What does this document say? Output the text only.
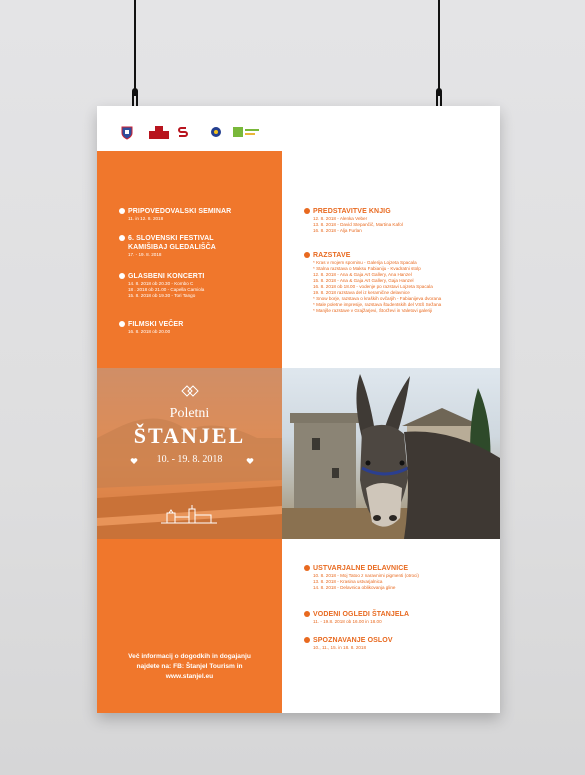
PRIPOVEDOVALSKI SEMINAR
11. in 12. 8. 2018
6. SLOVENSKI FESTIVAL
KAMIŠIBAJ GLEDALIŠČA
17. - 19. 8. 2018
GLASBENI KONCERTI
14. 8. 2018 ob 20.30 - Kombo C
18 . 2018 ob 21.00 - Capella Carniola
15. 8. 2018 ob 19.30 - Tori Tango
FILMSKI VEČER
16. 8. 2018 ob 20.00
PREDSTAVITVE KNJIG
12. 8. 2018 - Alenka Veber
13. 8. 2018 - David Stepančič, Martina Kafol
16. 8. 2018 - Alja Furlan
RAZSTAVE
* Kras v mojem spominu - Galerija Lojzeta Spacala
* Stalna razstava o Maksu Fabianiju - Kvadratni stolp
12. 8. 2018 - Ana & Gaja Art Gallery, Ana Hanzel
15. 8. 2018 - Ana & Gaja Art Gallery, Gaja Hanzel
16. 8. 2018 ob 18.00 - vodenje po razstavi Lojzeta Spacala
19. 8. 2018 razstava del iz keramične delavnice
* Snow borje, razstava o kraških ovčarjih - Fabianijeva dvorana
* Male poletne impresije, razstava študentskih del VSŠ Sežana
* Manjše razstave v Grajžarjevi, Štorževi in Valetovi galeriji
Poletni
ŠTANJEL
10. - 19. 8. 2018
Več informacij o dogodkih in dogajanju
najdete na: FB: Štanjel Tourism in
www.stanjel.eu
USTVARJALNE DELAVNICE
10. 8. 2018 - Moj Tatoo z naravnimi pigmenti (otroci)
13. 8. 2018 - Krasina ustvarjalnica
14. 8. 2018 - Delavnica oblikovanja gline
VODENI OGLEDI ŠTANJELA
11. - 19.8. 2018 ob 16.00 in 18.00
SPOZNAVANJE OSLOV
10., 11., 15. in 18. 8. 2018
